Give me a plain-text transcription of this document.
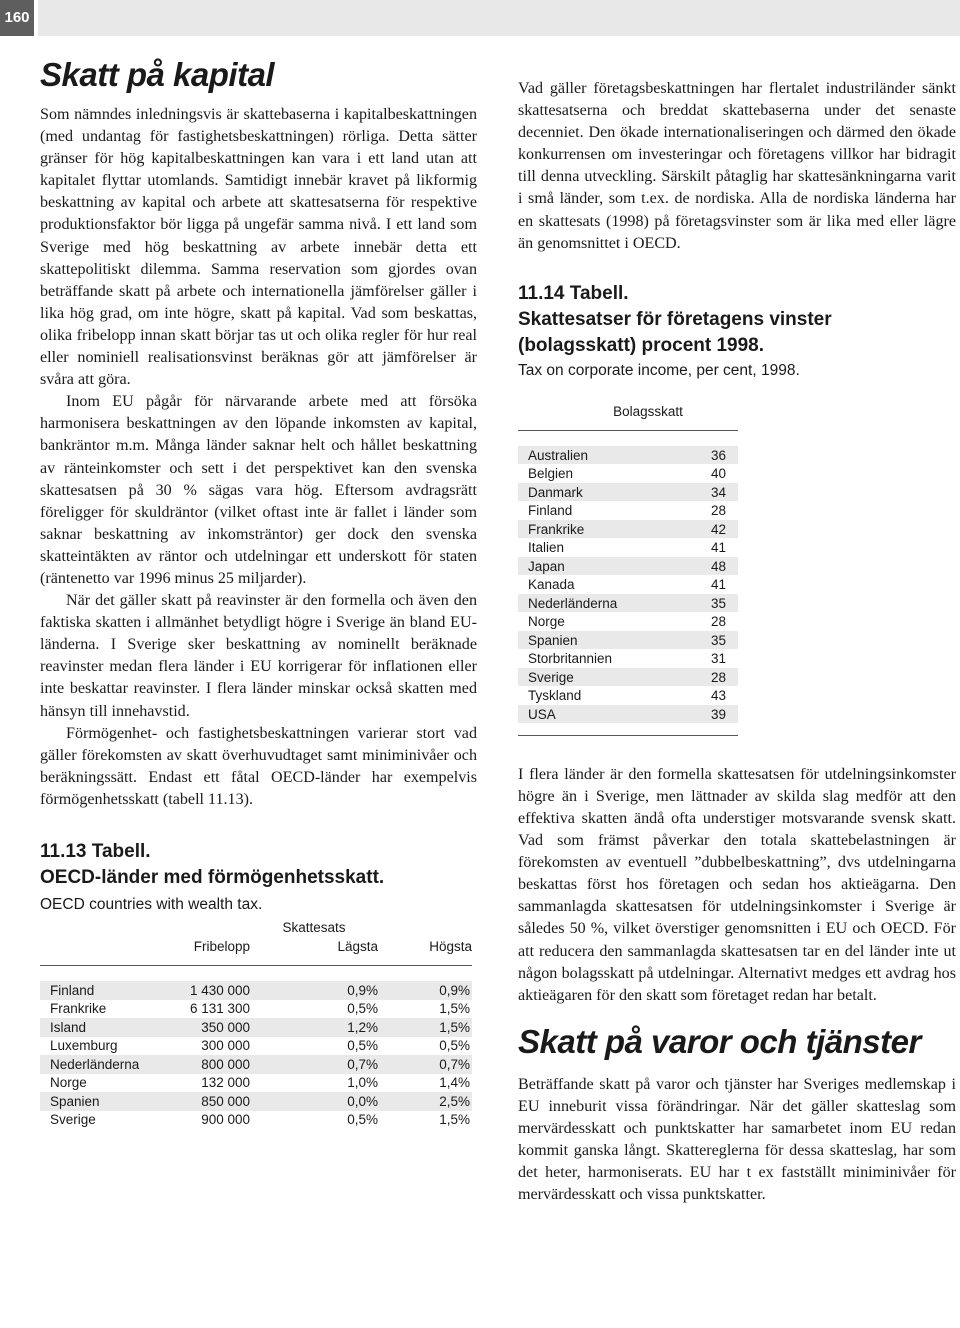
160
Skatt på kapital

Som nämndes inledningsvis är skattebaserna i kapitalbeskattningen (med undantag för fastighetsbeskattningen) rörliga. Detta sätter gränser för hög kapitalbeskattningen kan vara i ett land utan att kapitalet flyttar utomlands. Samtidigt innebär kravet på likformig beskattning av kapital och arbete att skattesatserna för respektive produktionsfaktor bör ligga på ungefär samma nivå. I ett land som Sverige med hög beskattning av arbete innebär detta ett skattepolitiskt dilemma. Samma reservation som gjordes ovan beträffande skatt på arbete och internationella jämförelser gäller i lika hög grad, om inte högre, skatt på kapital. Vad som beskattas, olika fribelopp innan skatt börjar tas ut och olika regler för hur real eller nominiell realisationsvinst beräknas gör att jämförelser är svåra att göra.

Inom EU pågår för närvarande arbete med att försöka harmonisera beskattningen av den löpande inkomsten av kapital, bankräntor m.m. Många länder saknar helt och hållet beskattning av ränteinkomster och sett i det perspektivet kan den svenska skattesatsen på 30 % sägas vara hög. Eftersom avdragsrätt föreligger för skuldräntor (vilket oftast inte är fallet i länder som saknar beskattning av inkomsträntor) ger dock den svenska skatteintäkten av räntor och utdelningar ett underskott för staten (räntenetto var 1996 minus 25 miljarder).

När det gäller skatt på reavinster är den formella och även den faktiska skatten i allmänhet betydligt högre i Sverige än bland EU-länderna. I Sverige sker beskattning av nominellt beräknade reavinster medan flera länder i EU korrigerar för inflationen eller inte beskattar reavinster. I flera länder minskar också skatten med hänsyn till innehavstid.

Förmögenhet- och fastighetsbeskattningen varierar stort vad gäller förekomsten av skatt överhuvudtaget samt miniminivåer och beräkningssätt. Endast ett fåtal OECD-länder har exempelvis förmögenhetsskatt (tabell 11.13).

11.13 Tabell.
OECD-länder med förmögenhetsskatt.
OECD countries with wealth tax.
		Skattesats	
	Fribelopp	Lägsta	Högsta

Finland	1 430 000	0,9%	0,9%
Frankrike	6 131 300	0,5%	1,5%
Island	350 000	1,2%	1,5%
Luxemburg	300 000	0,5%	0,5%
Nederländerna	800 000	0,7%	0,7%
Norge	132 000	1,0%	1,4%
Spanien	850 000	0,0%	2,5%
Sverige	900 000	0,5%	1,5%

Vad gäller företagsbeskattningen har flertalet industriländer sänkt skattesatserna och breddat skattebaserna under det senaste decenniet. Den ökade internationaliseringen och därmed den ökade konkurrensen om investeringar och företagens villkor har bidragit till denna utveckling. Särskilt påtaglig har skattesänkningarna varit i små länder, som t.ex. de nordiska. Alla de nordiska länderna har en skattesats (1998) på företagsvinster som är lika med eller lägre än genomsnittet i OECD.

11.14 Tabell.
Skattesatser för företagens vinster
(bolagsskatt) procent 1998.
Tax on corporate income, per cent, 1998.
Bolagsskatt		

	Australien	36
	Belgien	40
	Danmark	34
	Finland	28
	Frankrike	42
	Italien	41
	Japan	48
	Kanada	41
	Nederländerna	35
	Norge	28
	Spanien	35
	Storbritannien	31
	Sverige	28
	Tyskland	43
	USA	39

I flera länder är den formella skattesatsen för utdelningsinkomster högre än i Sverige, men lättnader av skilda slag medför att den effektiva skatten ändå ofta understiger motsvarande svensk skatt. Vad som främst påverkar den totala skattebelastningen är förekomsten av eventuell ”dubbelbeskattning”, dvs utdelningarna beskattas först hos företagen och sedan hos aktieägarna. Den sammanlagda skattesatsen för utdelningsinkomster i Sverige är således 50 %, vilket överstiger genomsnitten i EU och OECD. För att reducera den sammanlagda skattesatsen tar en del länder inte ut någon bolagsskatt på utdelningar. Alternativt medges ett avdrag hos aktieägaren för den skatt som företaget redan har betalt.

Skatt på varor och tjänster

Beträffande skatt på varor och tjänster har Sveriges medlemskap i EU inneburit vissa förändringar. När det gäller skatteslag som mervärdesskatt och punktskatter har samarbetet inom EU redan kommit ganska långt. Skattereglerna för dessa skatteslag, har som det heter, harmoniserats. EU har t ex fastställt miniminivåer för mervärdesskatt och vissa punktskatter.
